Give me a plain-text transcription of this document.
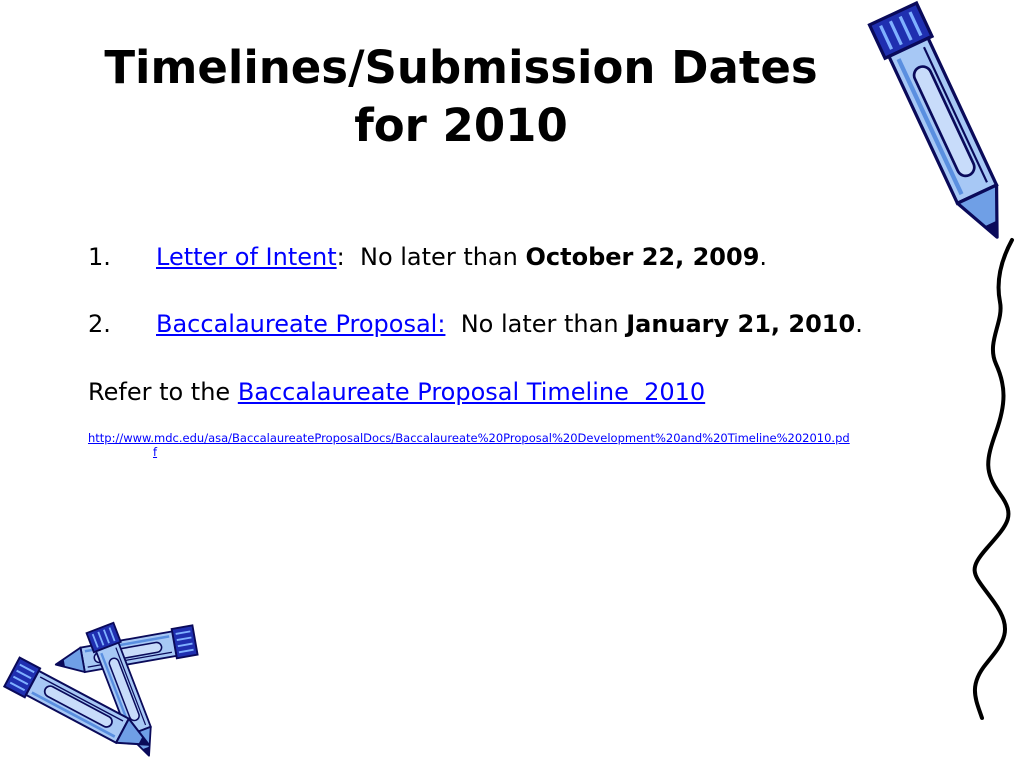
Timelines/Submission Dates
for 2010
1. Letter of Intent:  No later than October 22, 2009.
2. Baccalaureate Proposal:  No later than January 21, 2010.
Refer to the Baccalaureate Proposal Timeline  2010
http://www.mdc.edu/asa/BaccalaureateProposalDocs/Baccalaureate%20Proposal%20Development%20and%20Timeline%202010.pd
f
